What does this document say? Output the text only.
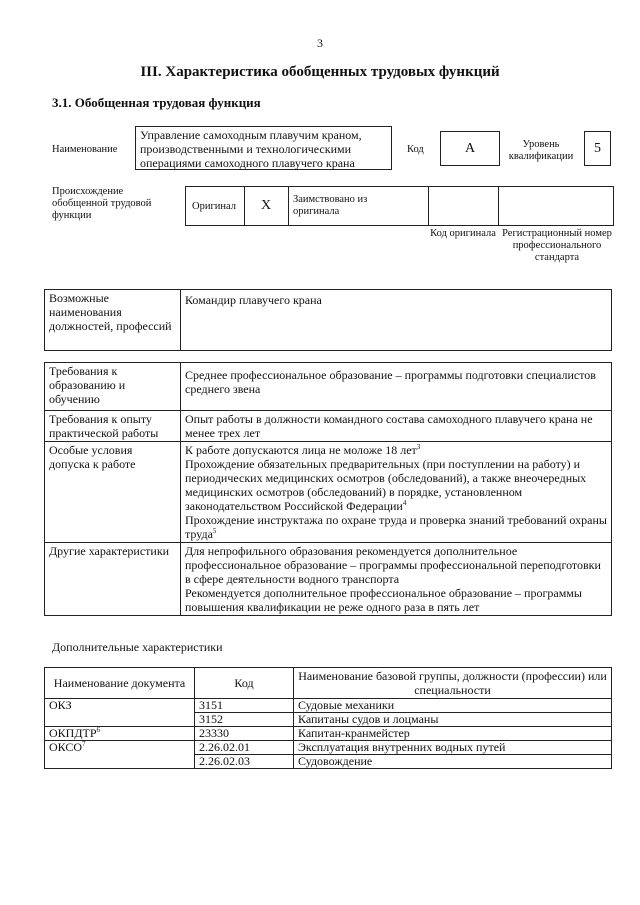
3
III. Характеристика обобщенных трудовых функций
3.1. Обобщенная трудовая функция
Наименование
Управление самоходным плавучим краном, производственными и технологическими операциями самоходного плавучего крана
Код	А	Уровень квалификации
5
Происхождение обобщенной трудовой функции
Оригинал	Х	Заимствовано из оригинала
Код оригинала Регистрационный номер профессионального стандарта
Возможные наименования должностей, профессий	Командир плавучего крана
Требования к образованию и обучению	Среднее профессиональное образование – программы подготовки специалистов среднего звена
Требования к опыту практической работы	Опыт работы в должности командного состава самоходного плавучего крана не менее трех лет
Особые условия допуска к работе	К работе допускаются лица не моложе 18 лет$^3$
Прохождение обязательных предварительных (при поступлении на работу) и периодических медицинских осмотров (обследований), а также внеочередных медицинских осмотров (обследований) в порядке, установленном законодательством Российской Федерации$^4$
Прохождение инструктажа по охране труда и проверка знаний требований охраны труда$^5$

Другие характеристики	Для непрофильного образования рекомендуется дополнительное профессиональное образование – программы профессиональной переподготовки в сфере деятельности водного транспорта
Рекомендуется дополнительное профессиональное образование – программы повышения квалификации не реже одного раза в пять лет
Дополнительные характеристики
Наименование документа	Код	Наименование базовой группы, должности (профессии) или специальности
ОКЗ	3151	Судовые механики
	3152	Капитаны судов и лоцманы
ОКПДТР$^6$	23330	Капитан-кранмейстер
ОКСО$^7$	2.26.02.01	Эксплуатация внутренних водных путей
	2.26.02.03	Судовождение
